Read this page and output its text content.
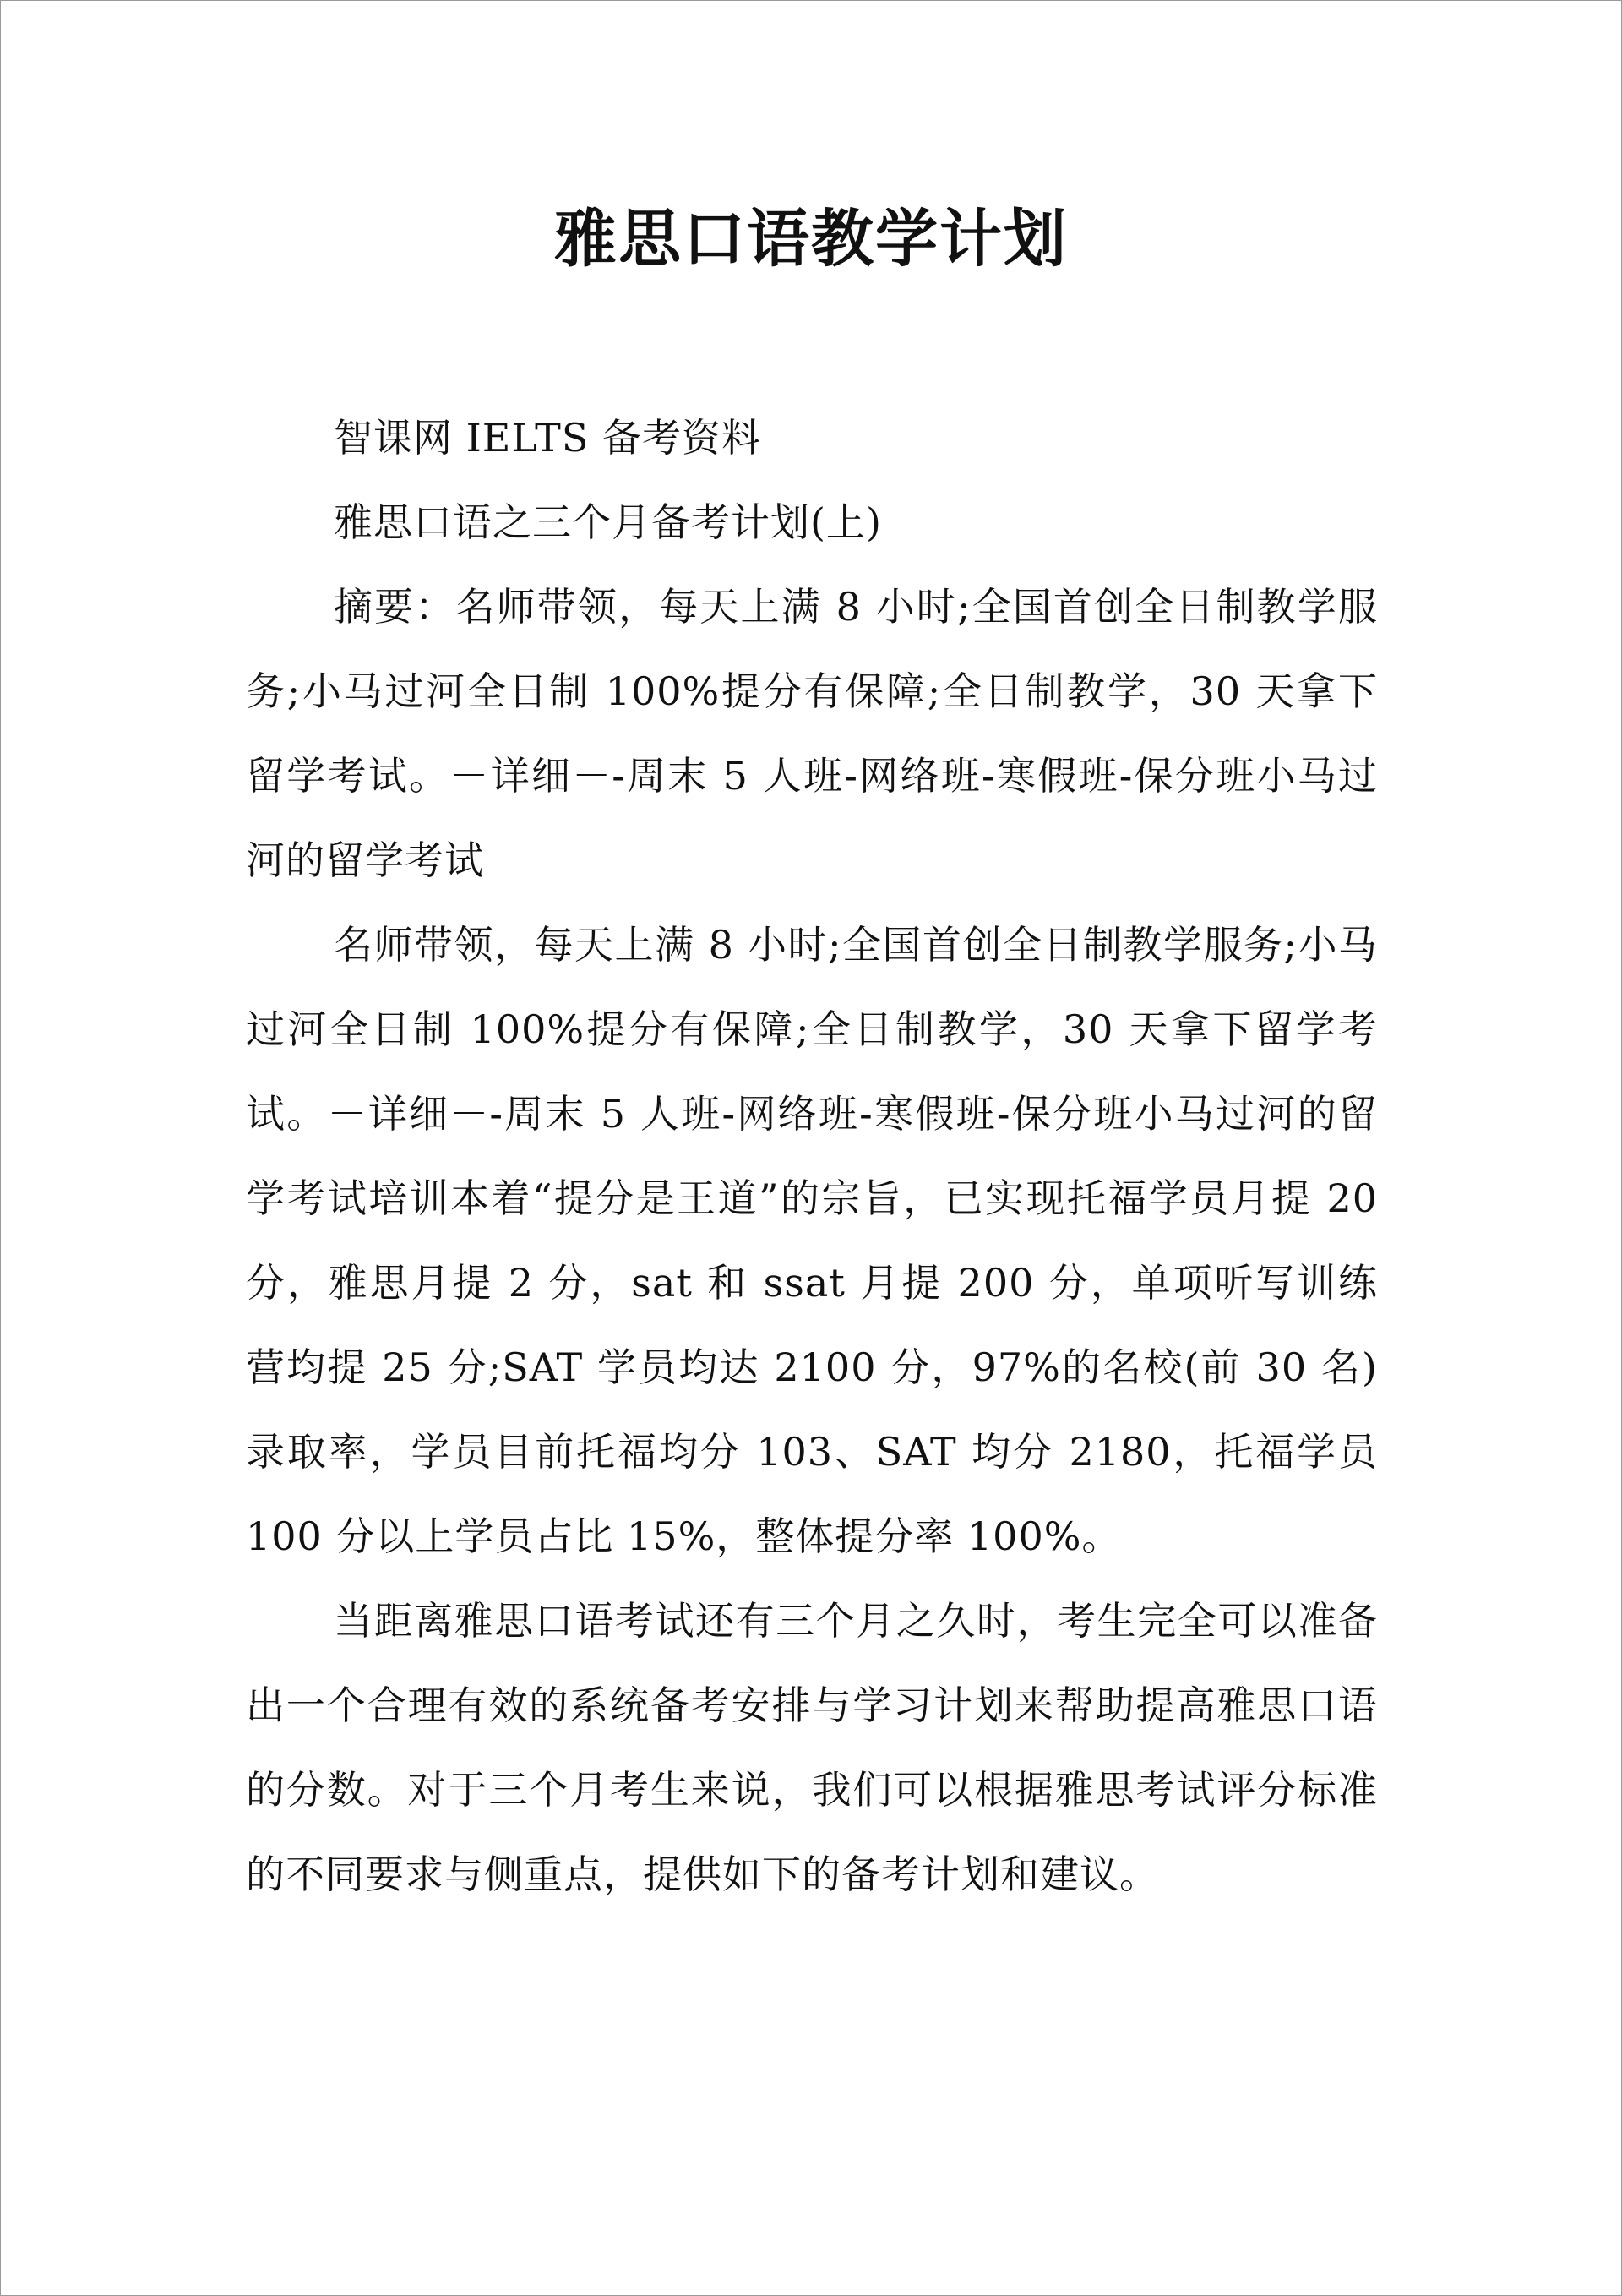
雅思口语教学计划

智课网 IELTS 备考资料

雅思口语之三个月备考计划(上)

摘要：名师带领，每天上满 8 小时;全国首创全日制教学服务;小马过河全日制 100%提分有保障;全日制教学，30 天拿下留学考试。－详细－-周末 5 人班-网络班-寒假班-保分班小马过河的留学考试

名师带领，每天上满 8 小时;全国首创全日制教学服务;小马过河全日制 100%提分有保障;全日制教学，30 天拿下留学考试。－详细－-周末 5 人班-网络班-寒假班-保分班小马过河的留学考试培训本着“提分是王道”的宗旨，已实现托福学员月提 20 分，雅思月提 2 分，sat 和 ssat 月提 200 分，单项听写训练营均提 25 分;SAT 学员均达 2100 分，97%的名校(前 30 名)录取率，学员目前托福均分 103、SAT 均分 2180，托福学员 100 分以上学员占比 15%，整体提分率 100%。

当距离雅思口语考试还有三个月之久时，考生完全可以准备出一个合理有效的系统备考安排与学习计划来帮助提高雅思口语的分数。对于三个月考生来说，我们可以根据雅思考试评分标准的不同要求与侧重点，提供如下的备考计划和建议。
